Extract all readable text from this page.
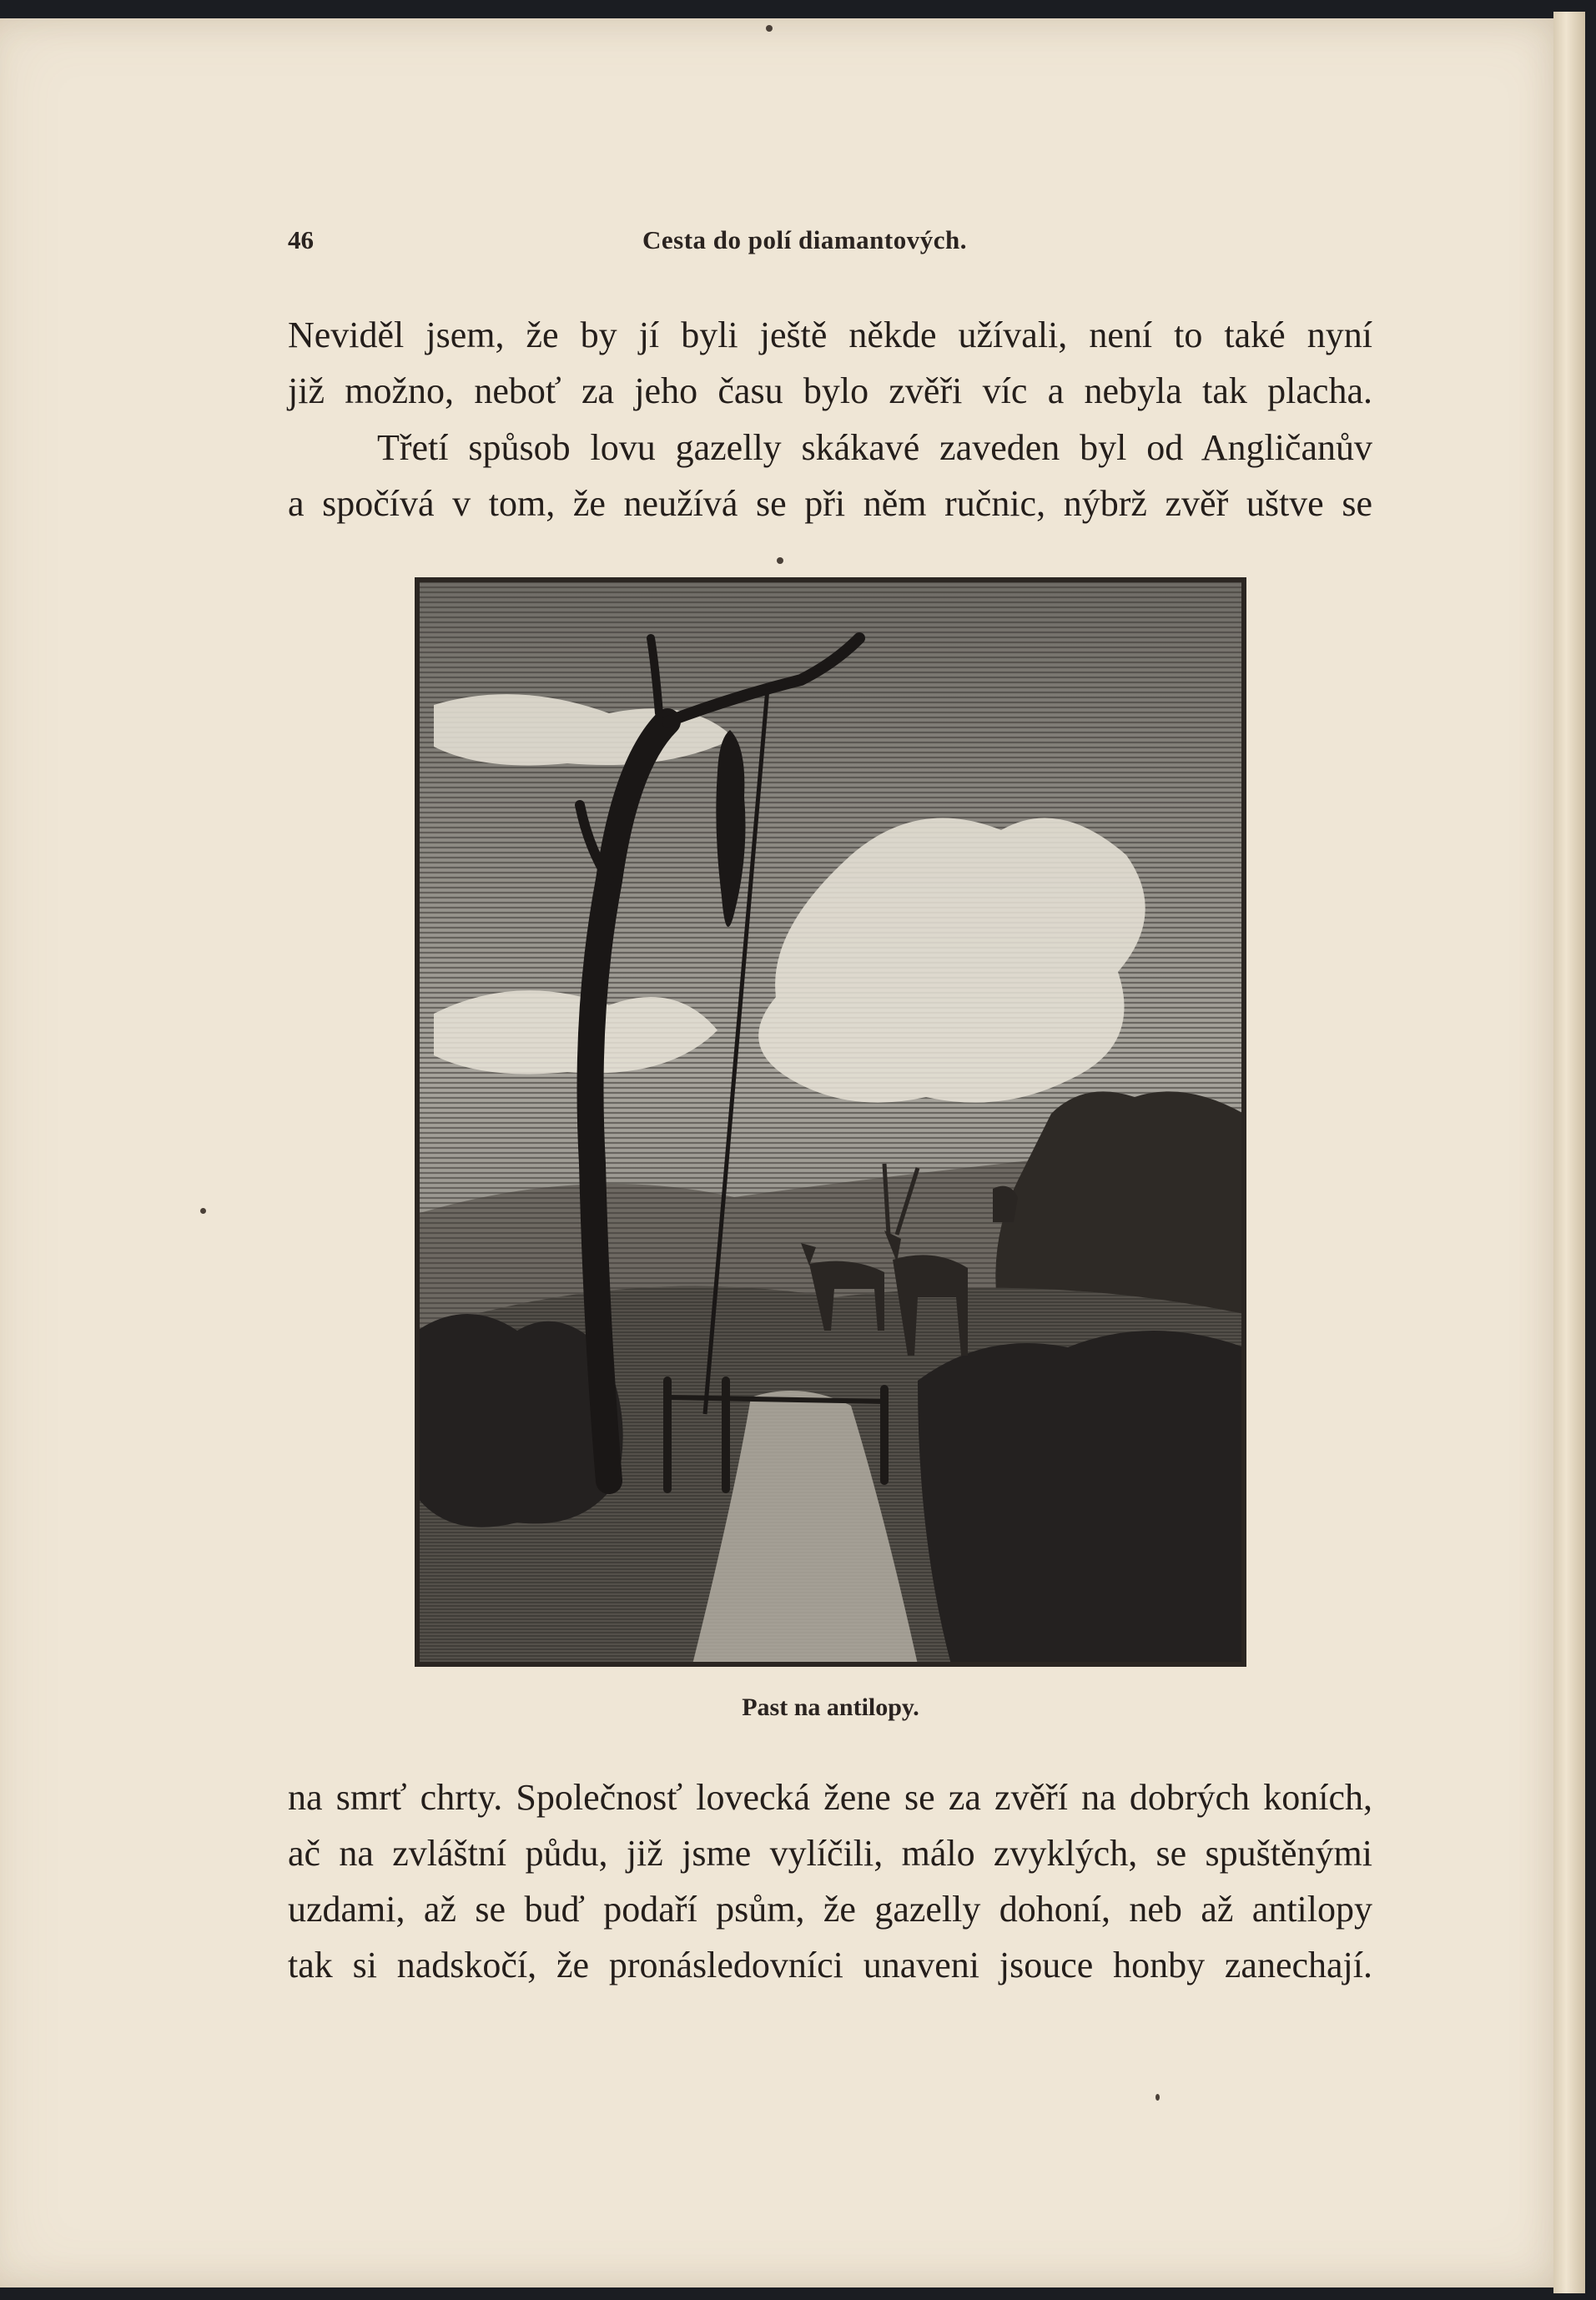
46	Cesta do polí diamantových.

Neviděl jsem, že by jí byli ještě někde užívali, není to také nyní
již možno, neboť za jeho času bylo zvěři víc a nebyla tak placha.

Třetí spůsob lovu gazelly skákavé zaveden byl od Angličanův
a spočívá v tom, že neužívá se při něm ručnic, nýbrž zvěř uštve se

Past na antilopy.

na smrť chrty. Společnosť lovecká žene se za zvěří na dobrých koních,
ač na zvláštní půdu, již jsme vylíčili, málo zvyklých, se spuštěnými
uzdami, až se buď podaří psům, že gazelly dohoní, neb až antilopy
tak si nadskočí, že pronásledovníci unaveni jsouce honby zanechají.
